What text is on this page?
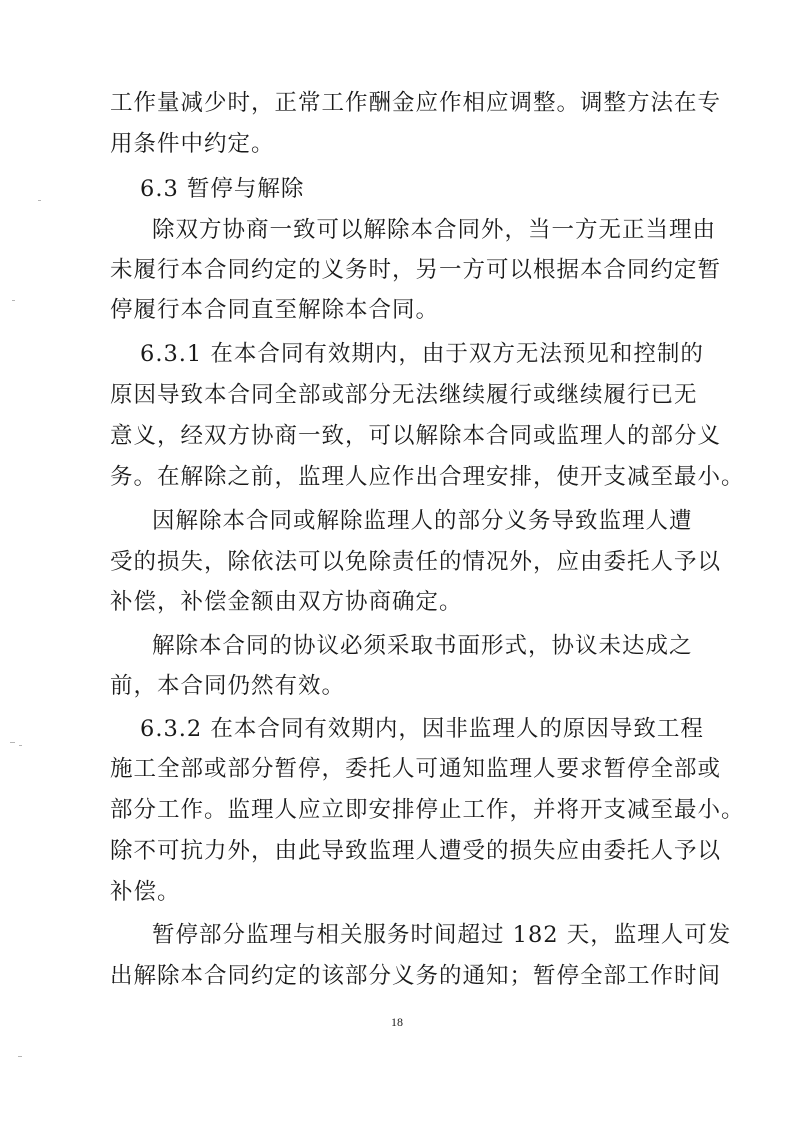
工作量减少时，正常工作酬金应作相应调整。调整方法在专
用条件中约定。
6.3 暂停与解除
除双方协商一致可以解除本合同外，当一方无正当理由
未履行本合同约定的义务时，另一方可以根据本合同约定暂
停履行本合同直至解除本合同。
6.3.1 在本合同有效期内，由于双方无法预见和控制的
原因导致本合同全部或部分无法继续履行或继续履行已无
意义，经双方协商一致，可以解除本合同或监理人的部分义
务。在解除之前，监理人应作出合理安排，使开支减至最小。
因解除本合同或解除监理人的部分义务导致监理人遭
受的损失，除依法可以免除责任的情况外，应由委托人予以
补偿，补偿金额由双方协商确定。
解除本合同的协议必须采取书面形式，协议未达成之
前，本合同仍然有效。
6.3.2 在本合同有效期内，因非监理人的原因导致工程
施工全部或部分暂停，委托人可通知监理人要求暂停全部或
部分工作。监理人应立即安排停止工作，并将开支减至最小。
除不可抗力外，由此导致监理人遭受的损失应由委托人予以
补偿。
暂停部分监理与相关服务时间超过 182 天，监理人可发
出解除本合同约定的该部分义务的通知；暂停全部工作时间
18
